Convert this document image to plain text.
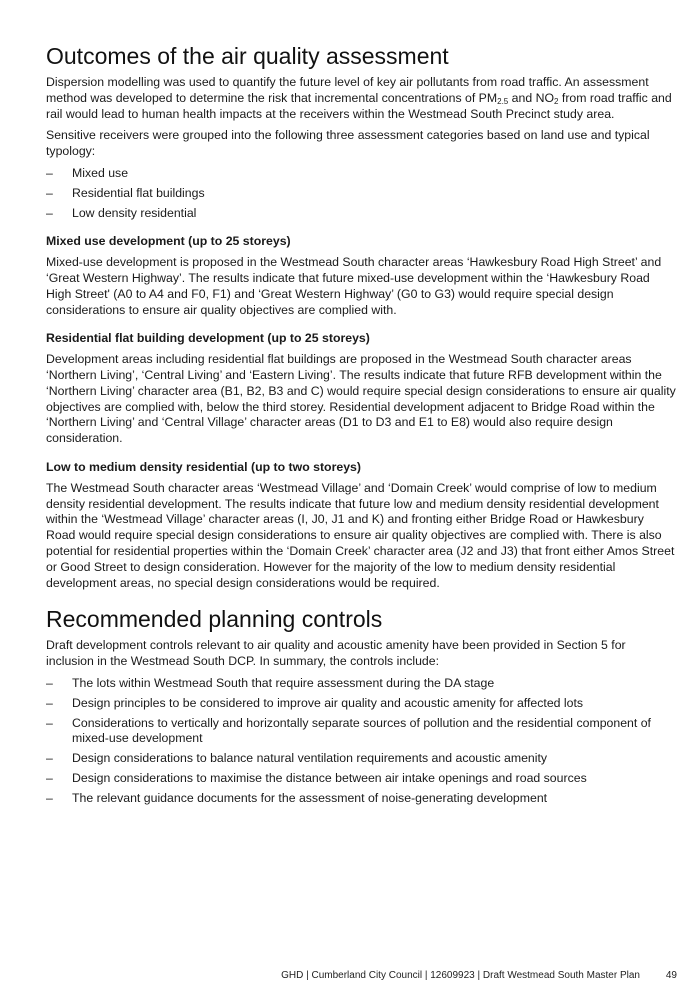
Outcomes of the air quality assessment

Dispersion modelling was used to quantify the future level of key air pollutants from road traffic. An assessment method was developed to determine the risk that incremental concentrations of $PM_{2.5}$ and $NO_2$ from road traffic and rail would lead to human health impacts at the receivers within the Westmead South Precinct study area.

Sensitive receivers were grouped into the following three assessment categories based on land use and typical typology:

– Mixed use
– Residential flat buildings
– Low density residential
Mixed use development (up to 25 storeys)

Mixed-use development is proposed in the Westmead South character areas ‘Hawkesbury Road High Street’ and ‘Great Western Highway’. The results indicate that future mixed-use development within the ‘Hawkesbury Road High Street' (A0 to A4 and F0, F1) and ‘Great Western Highway’ (G0 to G3) would require special design considerations to ensure air quality objectives are complied with.

Residential flat building development (up to 25 storeys)

Development areas including residential flat buildings are proposed in the Westmead South character areas ‘Northern Living’, ‘Central Living’ and ‘Eastern Living’. The results indicate that future RFB development within the ‘Northern Living’ character area (B1, B2, B3 and C) would require special design considerations to ensure air quality objectives are complied with, below the third storey. Residential development adjacent to Bridge Road within the ‘Northern Living’ and ‘Central Village’ character areas (D1 to D3 and E1 to E8) would also require design consideration.

Low to medium density residential (up to two storeys)

The Westmead South character areas ‘Westmead Village’ and ‘Domain Creek’ would comprise of low to medium density residential development. The results indicate that future low and medium density residential development within the ‘Westmead Village’ character areas (I, J0, J1 and K) and fronting either Bridge Road or Hawkesbury Road would require special design considerations to ensure air quality objectives are complied with. There is also potential for residential properties within the ‘Domain Creek’ character area (J2 and J3) that front either Amos Street or Good Street to design consideration. However for the majority of the low to medium density residential development areas, no special design considerations would be required.

Recommended planning controls

Draft development controls relevant to air quality and acoustic amenity have been provided in Section 5 for inclusion in the Westmead South DCP. In summary, the controls include:

– The lots within Westmead South that require assessment during the DA stage
– Design principles to be considered to improve air quality and acoustic amenity for affected lots
– Considerations to vertically and horizontally separate sources of pollution and the residential component of mixed-use development
– Design considerations to balance natural ventilation requirements and acoustic amenity
– Design considerations to maximise the distance between air intake openings and road sources
– The relevant guidance documents for the assessment of noise-generating development
GHD | Cumberland City Council | 12609923 | Draft Westmead South Master Plan	49
